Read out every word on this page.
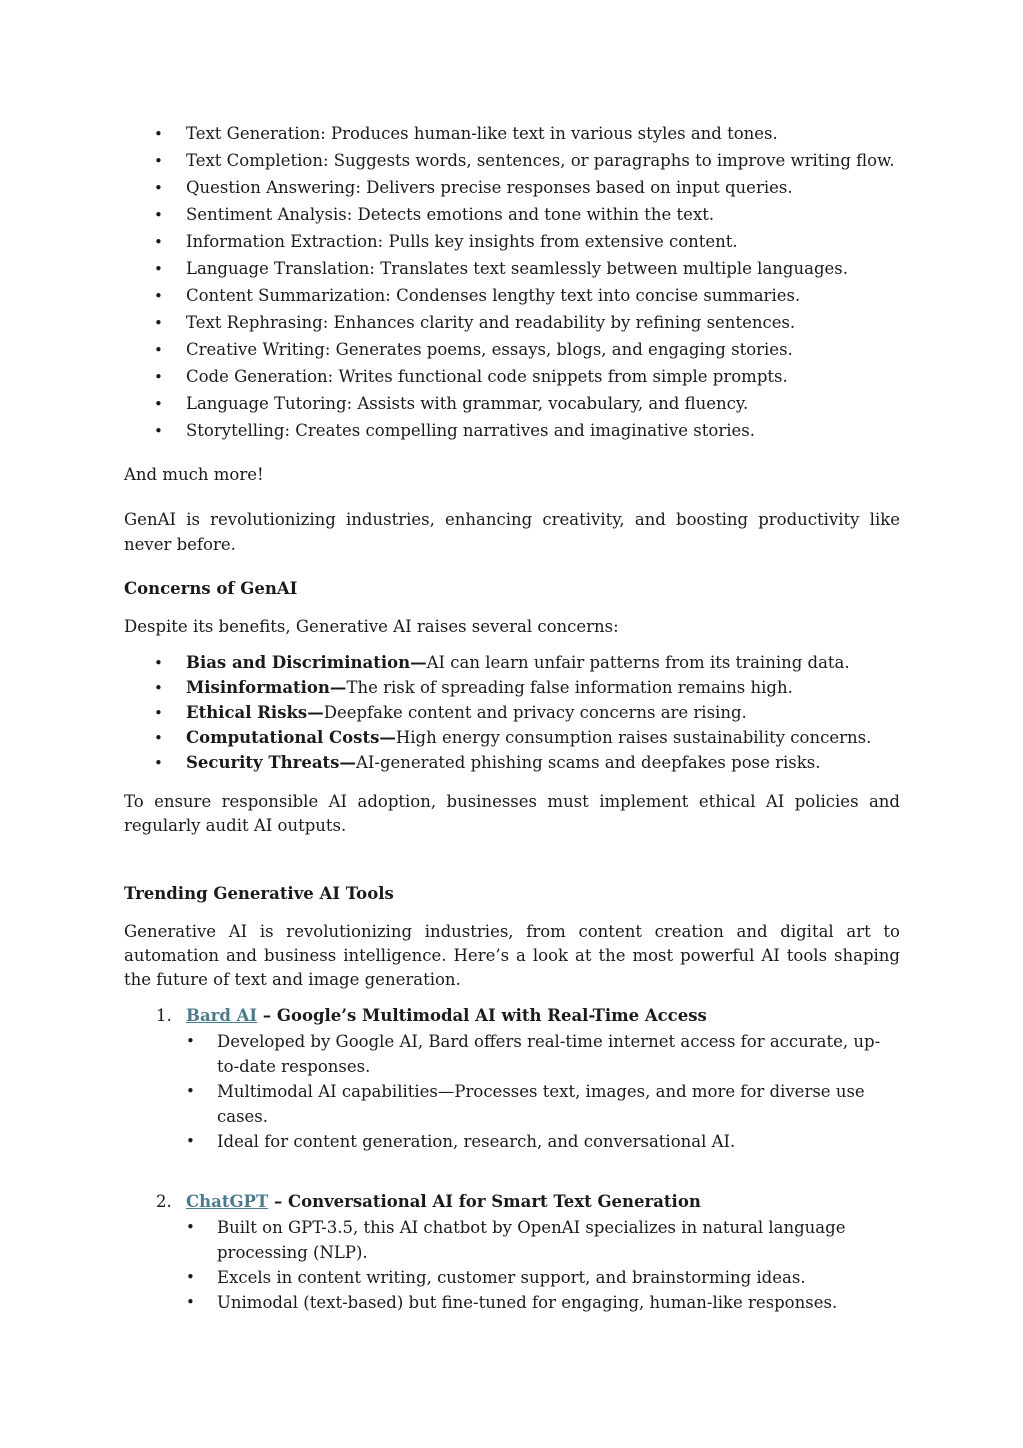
• Text Generation: Produces human-like text in various styles and tones.
• Text Completion: Suggests words, sentences, or paragraphs to improve writing flow.
• Question Answering: Delivers precise responses based on input queries.
• Sentiment Analysis: Detects emotions and tone within the text.
• Information Extraction: Pulls key insights from extensive content.
• Language Translation: Translates text seamlessly between multiple languages.
• Content Summarization: Condenses lengthy text into concise summaries.
• Text Rephrasing: Enhances clarity and readability by refining sentences.
• Creative Writing: Generates poems, essays, blogs, and engaging stories.
• Code Generation: Writes functional code snippets from simple prompts.
• Language Tutoring: Assists with grammar, vocabulary, and fluency.
• Storytelling: Creates compelling narratives and imaginative stories.

And much more!

GenAI is revolutionizing industries, enhancing creativity, and boosting productivity like never before.

Concerns of GenAI

Despite its benefits, Generative AI raises several concerns:

• Bias and Discrimination—AI can learn unfair patterns from its training data.
• Misinformation—The risk of spreading false information remains high.
• Ethical Risks—Deepfake content and privacy concerns are rising.
• Computational Costs—High energy consumption raises sustainability concerns.
• Security Threats—AI-generated phishing scams and deepfakes pose risks.

To ensure responsible AI adoption, businesses must implement ethical AI policies and regularly audit AI outputs.

Trending Generative AI Tools

Generative AI is revolutionizing industries, from content creation and digital art to automation and business intelligence. Here’s a look at the most powerful AI tools shaping the future of text and image generation.

1. Bard AI – Google’s Multimodal AI with Real-Time Access
• Developed by Google AI, Bard offers real-time internet access for accurate, up-to-date responses.
• Multimodal AI capabilities—Processes text, images, and more for diverse use cases.
• Ideal for content generation, research, and conversational AI.
2. ChatGPT – Conversational AI for Smart Text Generation
• Built on GPT-3.5, this AI chatbot by OpenAI specializes in natural language processing (NLP).
• Excels in content writing, customer support, and brainstorming ideas.
• Unimodal (text-based) but fine-tuned for engaging, human-like responses.
